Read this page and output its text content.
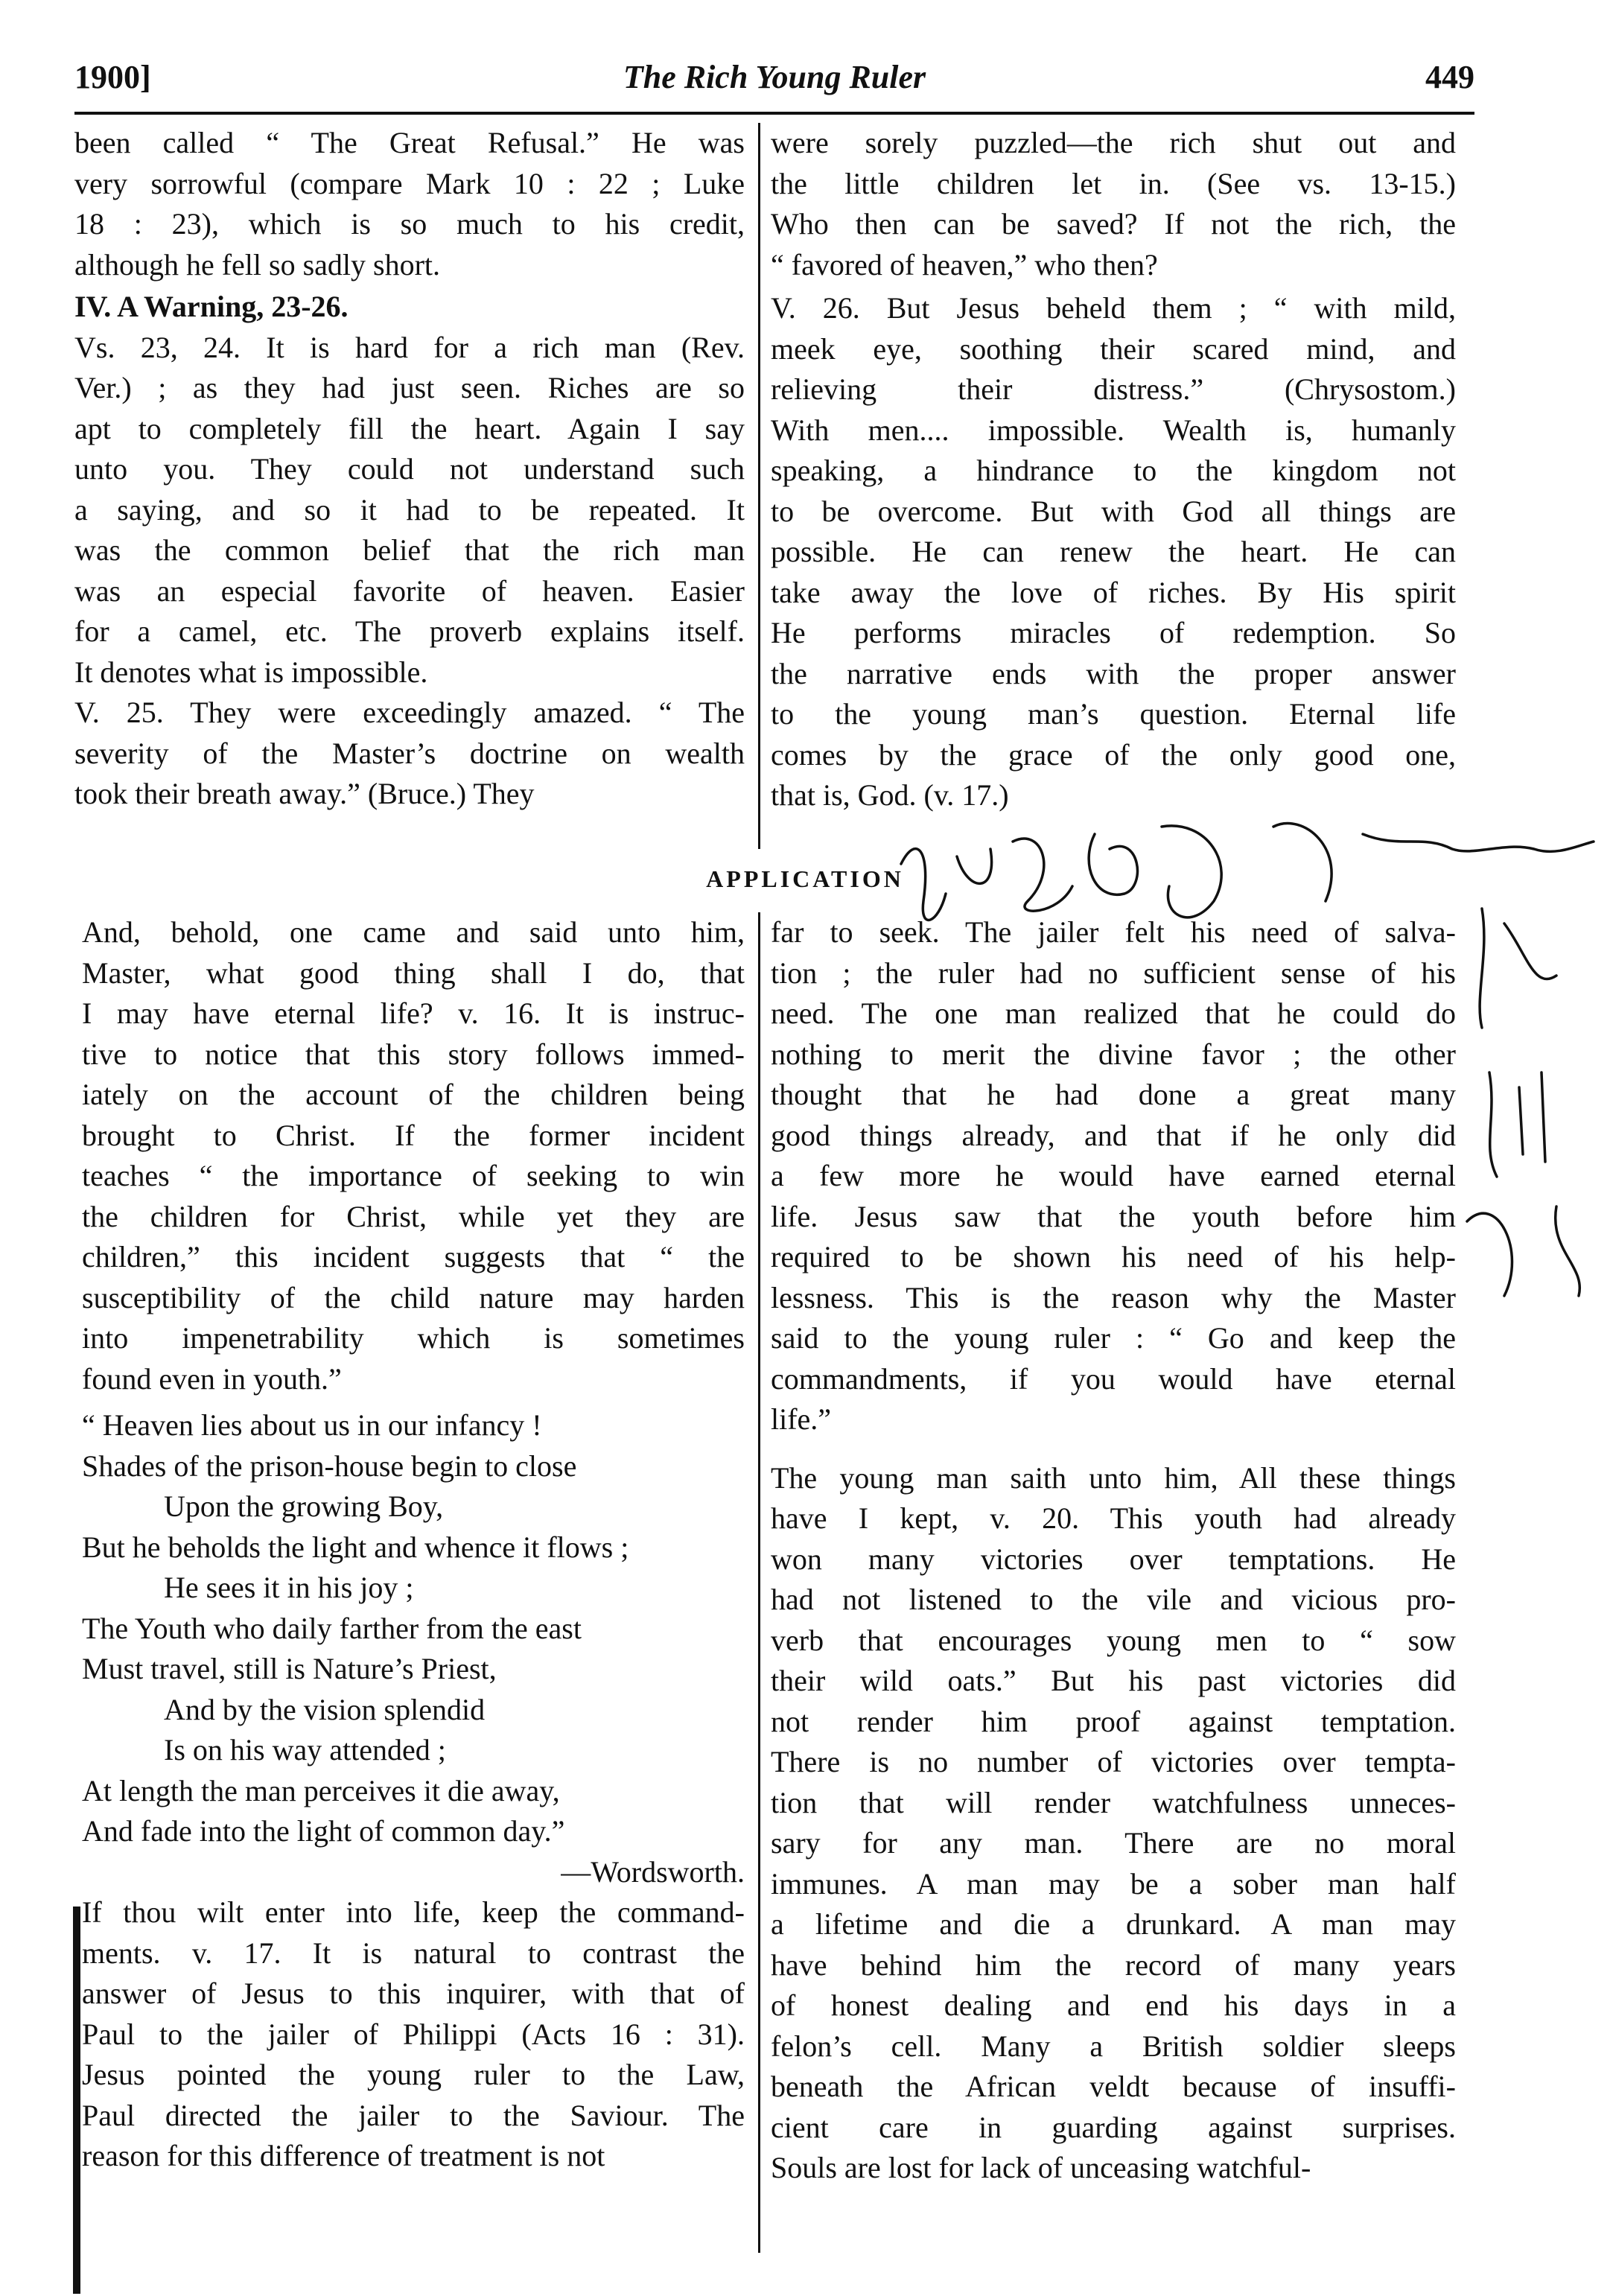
1900]	The Rich Young Ruler	449
been called “ The Great Refusal.” He was
very sorrowful (compare Mark 10 : 22 ; Luke
18 : 23), which is so much to his credit,
although he fell so sadly short.
IV. A Warning, 23-26.
Vs. 23, 24. It is hard for a rich man (Rev.
Ver.) ; as they had just seen. Riches are so
apt to completely fill the heart. Again I say
unto you. They could not understand such
a saying, and so it had to be repeated. It
was the common belief that the rich man
was an especial favorite of heaven. Easier
for a camel, etc. The proverb explains itself.
It denotes what is impossible.
V. 25. They were exceedingly amazed. “ The
severity of the Master’s doctrine on wealth
took their breath away.” (Bruce.) They
were sorely puzzled—the rich shut out and
the little children let in. (See vs. 13-15.)
Who then can be saved? If not the rich, the
“ favored of heaven,” who then?
V. 26. But Jesus beheld them ; “ with mild,
meek eye, soothing their scared mind, and
relieving their distress.” (Chrysostom.)
With men.... impossible. Wealth is, humanly
speaking, a hindrance to the kingdom not
to be overcome. But with God all things are
possible. He can renew the heart. He can
take away the love of riches. By His spirit
He performs miracles of redemption. So
the narrative ends with the proper answer
to the young man’s question. Eternal life
comes by the grace of the only good one,
that is, God. (v. 17.)
APPLICATION
And, behold, one came and said unto him,
Master, what good thing shall I do, that
I may have eternal life? v. 16. It is instruc-
tive to notice that this story follows immed-
iately on the account of the children being
brought to Christ. If the former incident
teaches “ the importance of seeking to win
the children for Christ, while yet they are
children,” this incident suggests that “ the
susceptibility of the child nature may harden
into impenetrability which is sometimes
found even in youth.”
“ Heaven lies about us in our infancy !
Shades of the prison-house begin to close
Upon the growing Boy,
But he beholds the light and whence it flows ;
He sees it in his joy ;
The Youth who daily farther from the east
Must travel, still is Nature’s Priest,
And by the vision splendid
Is on his way attended ;
At length the man perceives it die away,
And fade into the light of common day.”
—Wordsworth.
If thou wilt enter into life, keep the command-
ments. v. 17. It is natural to contrast the
answer of Jesus to this inquirer, with that of
Paul to the jailer of Philippi (Acts 16 : 31).
Jesus pointed the young ruler to the Law,
Paul directed the jailer to the Saviour. The
reason for this difference of treatment is not
far to seek. The jailer felt his need of salva-
tion ; the ruler had no sufficient sense of his
need. The one man realized that he could do
nothing to merit the divine favor ; the other
thought that he had done a great many
good things already, and that if he only did
a few more he would have earned eternal
life. Jesus saw that the youth before him
required to be shown his need of his help-
lessness. This is the reason why the Master
said to the young ruler : “ Go and keep the
commandments, if you would have eternal
life.”
The young man saith unto him, All these things
have I kept, v. 20. This youth had already
won many victories over temptations. He
had not listened to the vile and vicious pro-
verb that encourages young men to “ sow
their wild oats.” But his past victories did
not render him proof against temptation.
There is no number of victories over tempta-
tion that will render watchfulness unneces-
sary for any man. There are no moral
immunes. A man may be a sober man half
a lifetime and die a drunkard. A man may
have behind him the record of many years
of honest dealing and end his days in a
felon’s cell. Many a British soldier sleeps
beneath the African veldt because of insuffi-
cient care in guarding against surprises.
Souls are lost for lack of unceasing watchful-
